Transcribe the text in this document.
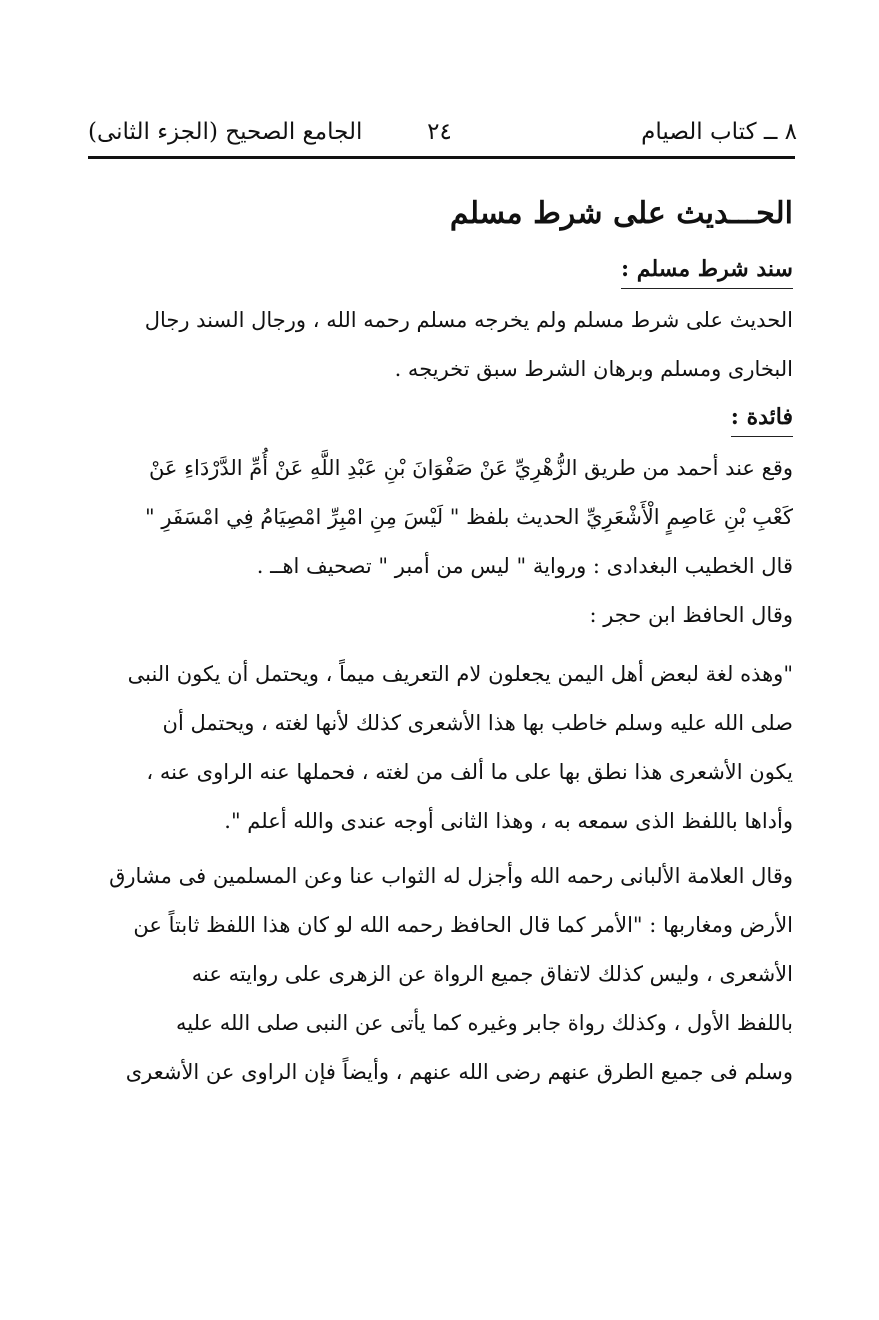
٨ ــ كتاب الصيام
٢٤
الجامع الصحيح (الجزء الثانى)
الحـــديث على شرط مسلم
سند شرط مسلم :
الحديث على شرط مسلم ولم يخرجه مسلم رحمه الله ، ورجال السند رجال
البخارى ومسلم وبرهان الشرط سبق تخريجه .
فائدة :
وقع عند أحمد من طريق الزُّهْرِيِّ عَنْ صَفْوَانَ بْنِ عَبْدِ اللَّهِ عَنْ أُمِّ الدَّرْدَاءِ عَنْ
كَعْبِ بْنِ عَاصِمٍ الْأَشْعَرِيِّ الحديث بلفظ " لَيْسَ مِنِ امْبِرِّ امْصِيَامُ فِي امْسَفَرِ "
قال الخطيب البغدادى : ورواية " ليس من أمبر " تصحيف اهــ .
وقال الحافظ ابن حجر :
"وهذه لغة لبعض أهل اليمن يجعلون لام التعريف ميماً ، ويحتمل أن يكون النبى
صلى الله عليه وسلم خاطب بها هذا الأشعرى كذلك لأنها لغته ، ويحتمل أن
يكون الأشعرى هذا نطق بها على ما ألف من لغته ، فحملها عنه الراوى عنه ،
وأداها باللفظ الذى سمعه به ، وهذا الثانى أوجه عندى والله أعلم ".
وقال العلامة الألبانى رحمه الله وأجزل له الثواب عنا وعن المسلمين فى مشارق
الأرض ومغاربها : "الأمر كما قال الحافظ رحمه الله لو كان هذا اللفظ ثابتاً عن
الأشعرى ، وليس كذلك لاتفاق جميع الرواة عن الزهرى على روايته عنه
باللفظ الأول ، وكذلك رواة جابر وغيره كما يأتى عن النبى صلى الله عليه
وسلم فى جميع الطرق عنهم رضى الله عنهم ، وأيضاً فإن الراوى عن الأشعرى
